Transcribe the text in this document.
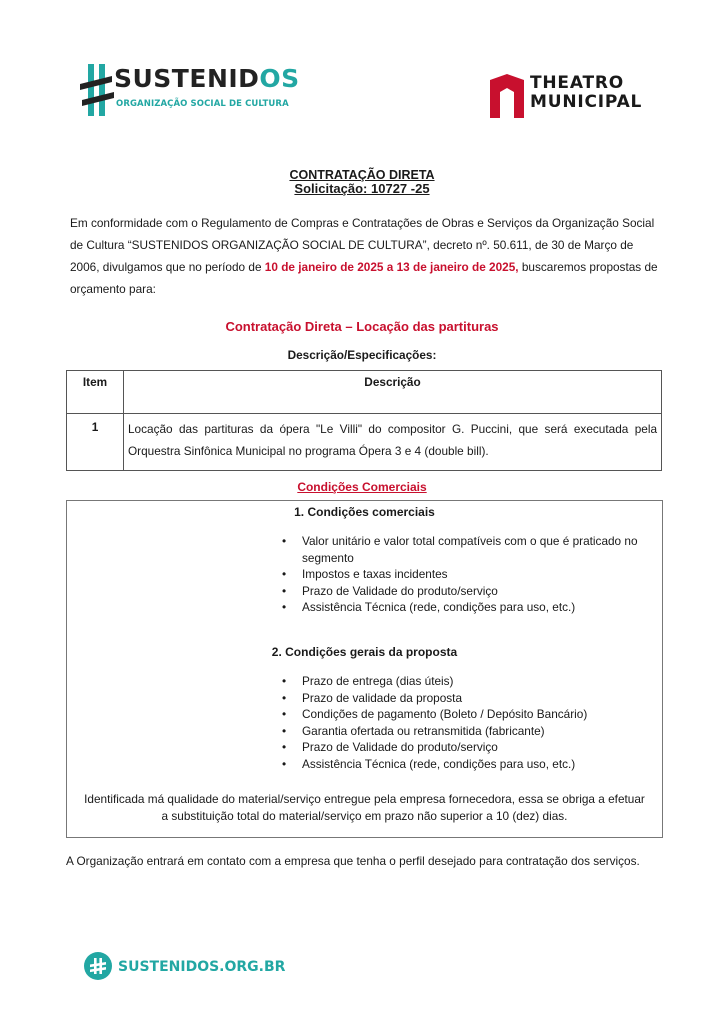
SUSTENIDOS
ORGANIZAÇÃO SOCIAL DE CULTURA
THEATRO
MUNICIPAL
CONTRATAÇÃO DIRETA
Solicitação: 10727 -25
Em conformidade com o Regulamento de Compras e Contratações de Obras e Serviços da Organização Social de Cultura “SUSTENIDOS ORGANIZAÇÃO SOCIAL DE CULTURA”, decreto nº. 50.611, de 30 de Março de 2006, divulgamos que no período de 10 de janeiro de 2025 a 13 de janeiro de 2025, buscaremos propostas de orçamento para:
Contratação Direta – Locação das partituras
Descrição/Especificações:
Item	Descrição
1	Locação das partituras da ópera "Le Villi" do compositor G. Puccini, que será executada pela Orquestra Sinfônica Municipal no programa Ópera 3 e 4 (double bill).
Condições Comerciais
1. Condições comerciais
• Valor unitário e valor total compatíveis com o que é praticado no segmento
• Impostos e taxas incidentes
• Prazo de Validade do produto/serviço
• Assistência Técnica (rede, condições para uso, etc.)
2. Condições gerais da proposta
• Prazo de entrega (dias úteis)
• Prazo de validade da proposta
• Condições de pagamento (Boleto / Depósito Bancário)
• Garantia ofertada ou retransmitida (fabricante)
• Prazo de Validade do produto/serviço
• Assistência Técnica (rede, condições para uso, etc.)
Identificada má qualidade do material/serviço entregue pela empresa fornecedora, essa se obriga a efetuar
a substituição total do material/serviço em prazo não superior a 10 (dez) dias.
A Organização entrará em contato com a empresa que tenha o perfil desejado para contratação dos serviços.
SUSTENIDOS.ORG.BR
